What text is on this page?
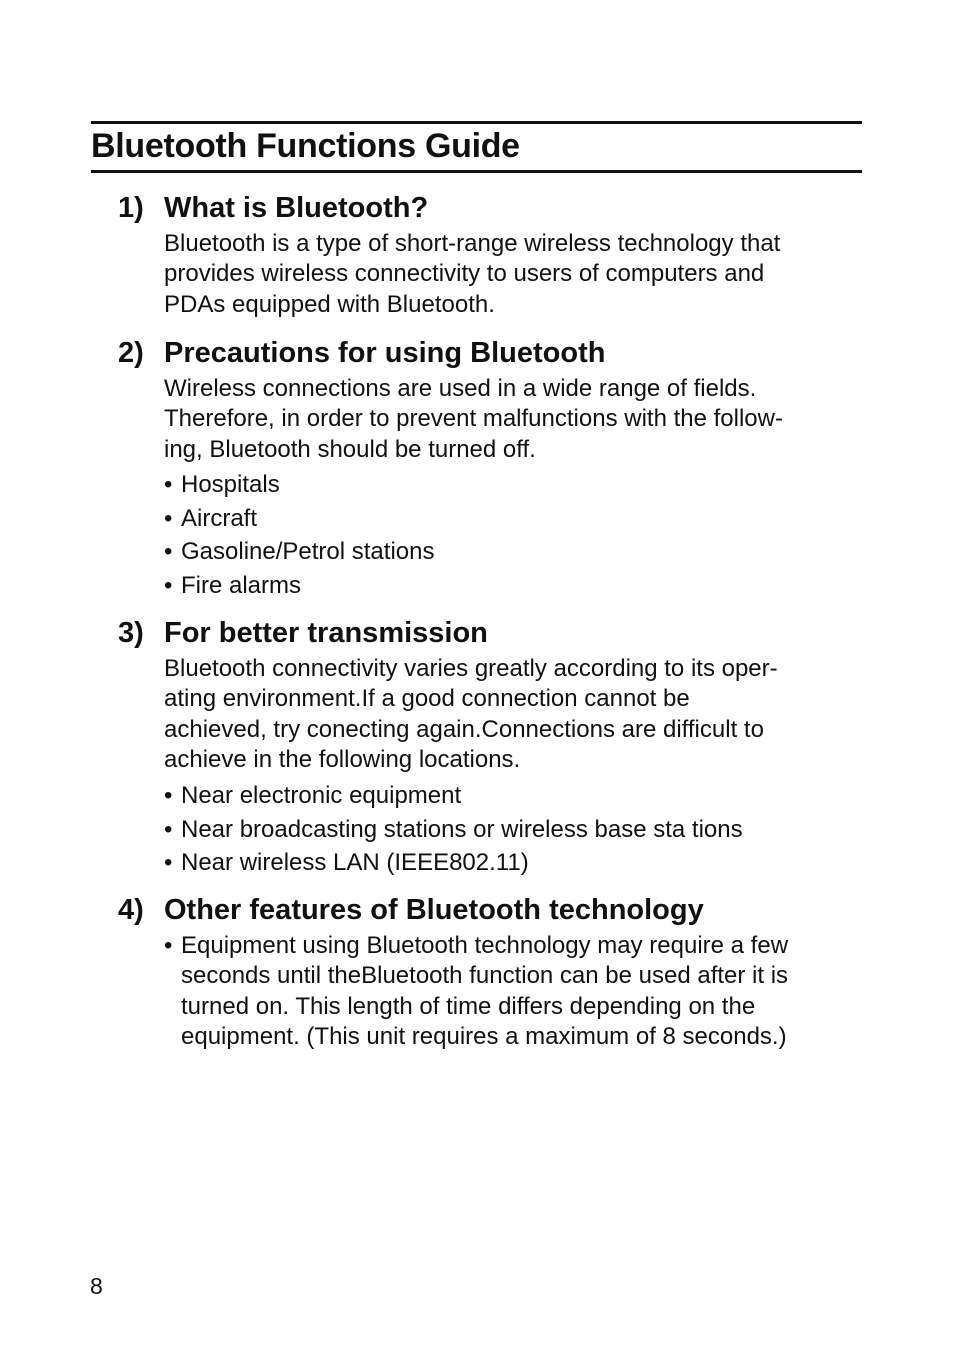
Bluetooth Functions Guide
1) What is Bluetooth?
Bluetooth is a type of short-range wireless technology that
provides wireless connectivity to users of computers and
PDAs equipped with Bluetooth.
2) Precautions for using Bluetooth
Wireless connections are used in a wide range of fields.
Therefore, in order to prevent malfunctions with the follow-
ing, Bluetooth should be turned off.
• Hospitals
• Aircraft
• Gasoline/Petrol stations
• Fire alarms
3) For better transmission
Bluetooth connectivity varies greatly according to its oper-
ating environment.If a good connection cannot be
achieved, try conecting again.Connections are difficult to
achieve in the following locations.
• Near electronic equipment
• Near broadcasting stations or wireless base sta tions
• Near wireless LAN (IEEE802.11)
4) Other features of Bluetooth technology
• Equipment using Bluetooth technology may require a few
seconds until theBluetooth function can be used after it is
turned on. This length of time differs depending on the
equipment. (This unit requires a maximum of 8 seconds.)
8
